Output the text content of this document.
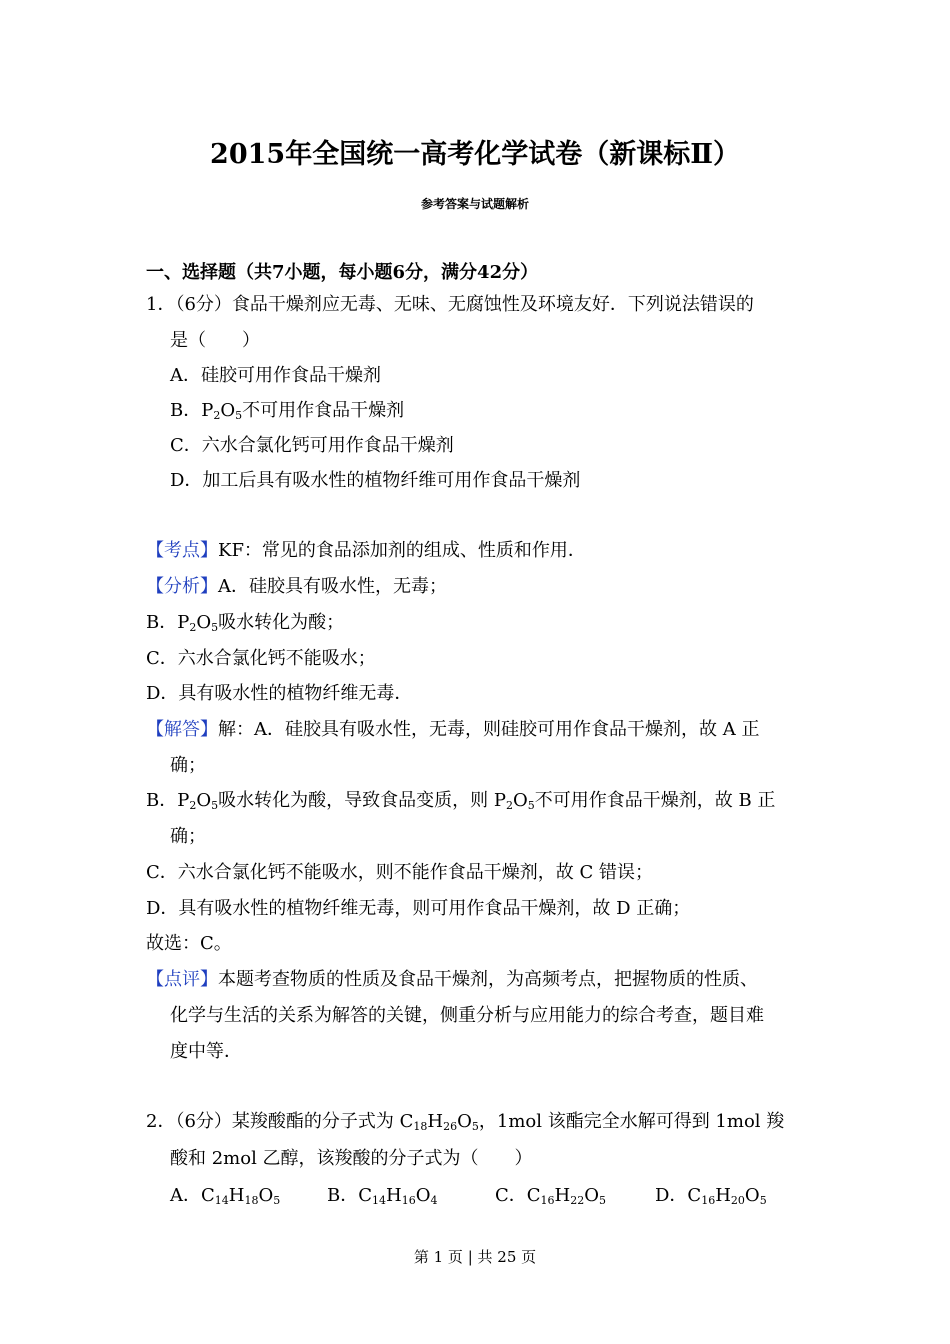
2015年全国统一高考化学试卷（新课标Ⅱ）
参考答案与试题解析
一、选择题（共7小题，每小题6分，满分42分）
1．（6分）食品干燥剂应无毒、无味、无腐蚀性及环境友好．下列说法错误的
是（　　）
A．硅胶可用作食品干燥剂
B．$P_2O_5$不可用作食品干燥剂
C．六水合氯化钙可用作食品干燥剂
D．加工后具有吸水性的植物纤维可用作食品干燥剂
【考点】KF：常见的食品添加剂的组成、性质和作用．
【分析】A．硅胶具有吸水性，无毒；
B．$P_2O_5$吸水转化为酸；
C．六水合氯化钙不能吸水；
D．具有吸水性的植物纤维无毒．
【解答】解：A．硅胶具有吸水性，无毒，则硅胶可用作食品干燥剂，故 A 正
确；
B．$P_2O_5$吸水转化为酸，导致食品变质，则 $P_2O_5$不可用作食品干燥剂，故 B 正
确；
C．六水合氯化钙不能吸水，则不能作食品干燥剂，故 C 错误；
D．具有吸水性的植物纤维无毒，则可用作食品干燥剂，故 D 正确；
故选：C。
【点评】本题考查物质的性质及食品干燥剂，为高频考点，把握物质的性质、
化学与生活的关系为解答的关键，侧重分析与应用能力的综合考查，题目难
度中等．
2．（6分）某羧酸酯的分子式为 $C_{18}H_{26}O_5$，1mol 该酯完全水解可得到 1mol 羧
酸和 2mol 乙醇，该羧酸的分子式为（　　）
A．$C_{14}H_{18}O_5$	B．$C_{14}H_{16}O_4$	C．$C_{16}H_{22}O_5$	D．$C_{16}H_{20}O_5$
第 1 页 | 共 25 页
